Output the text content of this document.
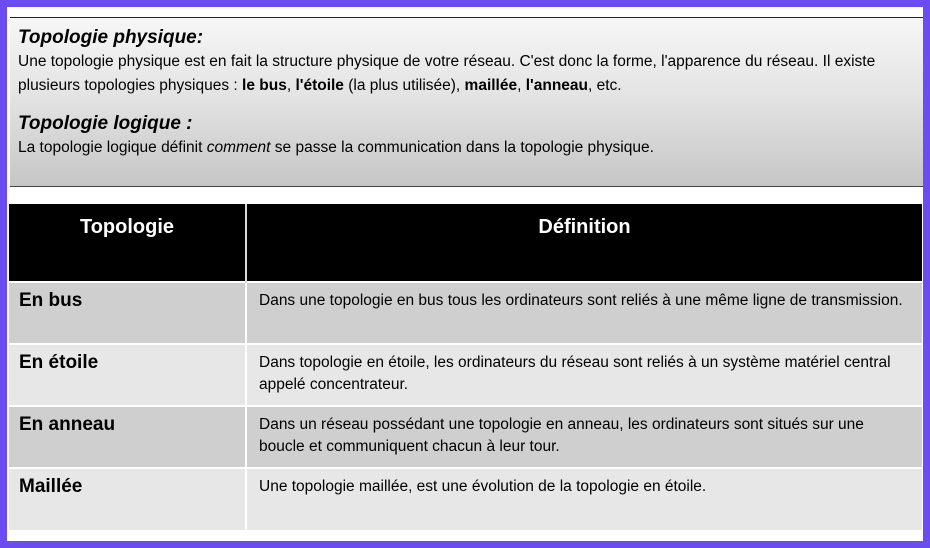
Topologie physique:
Une topologie physique est en fait la structure physique de votre réseau. C'est donc la forme, l'apparence du réseau. Il existe plusieurs topologies physiques : le bus, l'étoile (la plus utilisée), maillée, l'anneau, etc.
Topologie logique :
La topologie logique définit comment se passe la communication dans la topologie physique.
Topologie	Définition
En bus	Dans une topologie en bus tous les ordinateurs sont reliés à une même ligne de transmission.
En étoile	Dans topologie en étoile, les ordinateurs du réseau sont reliés à un système matériel central appelé concentrateur.
En anneau	Dans un réseau possédant une topologie en anneau, les ordinateurs sont situés sur une boucle et communiquent chacun à leur tour.
Maillée	Une topologie maillée, est une évolution de la topologie en étoile.
